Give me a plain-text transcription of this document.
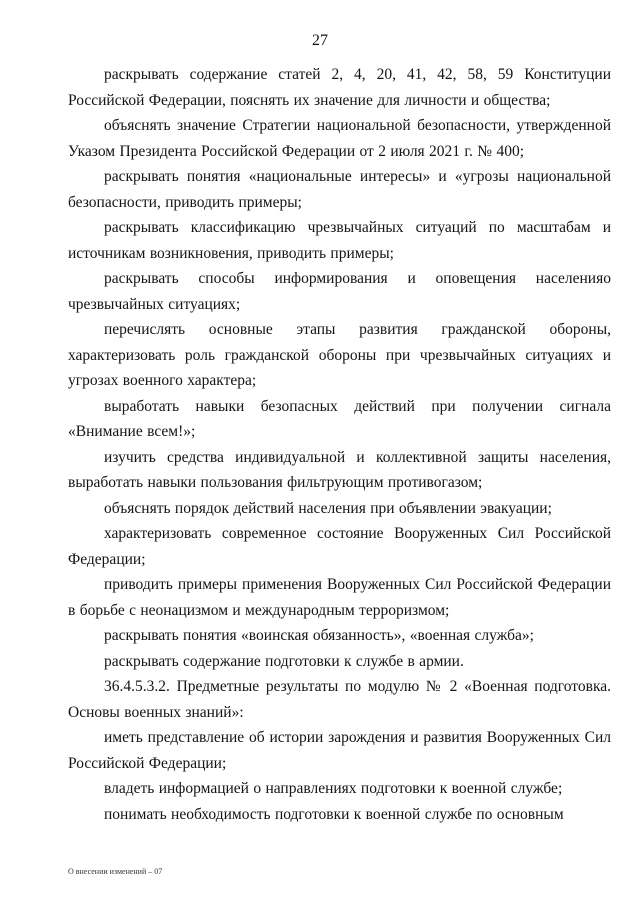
27

раскрывать содержание статей 2, 4, 20, 41, 42, 58, 59 Конституции Российской Федерации, пояснять их значение для личности и общества;

объяснять значение Стратегии национальной безопасности, утвержденной Указом Президента Российской Федерации от 2 июля 2021 г. № 400;

раскрывать понятия «национальные интересы» и «угрозы национальной безопасности, приводить примеры;

раскрывать классификацию чрезвычайных ситуаций по масштабам и источникам возникновения, приводить примеры;

раскрывать способы информирования и оповещения населенияо чрезвычайных ситуациях;

перечислять основные этапы развития гражданской обороны, характеризовать роль гражданской обороны при чрезвычайных ситуациях и угрозах военного характера;

выработать навыки безопасных действий при получении сигнала «Внимание всем!»;

изучить средства индивидуальной и коллективной защиты населения, выработать навыки пользования фильтрующим противогазом;

объяснять порядок действий населения при объявлении эвакуации;

характеризовать современное состояние Вооруженных Сил Российской Федерации;

приводить примеры применения Вооруженных Сил Российской Федерации в борьбе с неонацизмом и международным терроризмом;

раскрывать понятия «воинская обязанность», «военная служба»;

раскрывать содержание подготовки к службе в армии.

36.4.5.3.2. Предметные результаты по модулю № 2 «Военная подготовка. Основы военных знаний»:

иметь представление об истории зарождения и развития Вооруженных Сил Российской Федерации;

владеть информацией о направлениях подготовки к военной службе;

понимать необходимость подготовки к военной службе по основным

О внесении изменений – 07
